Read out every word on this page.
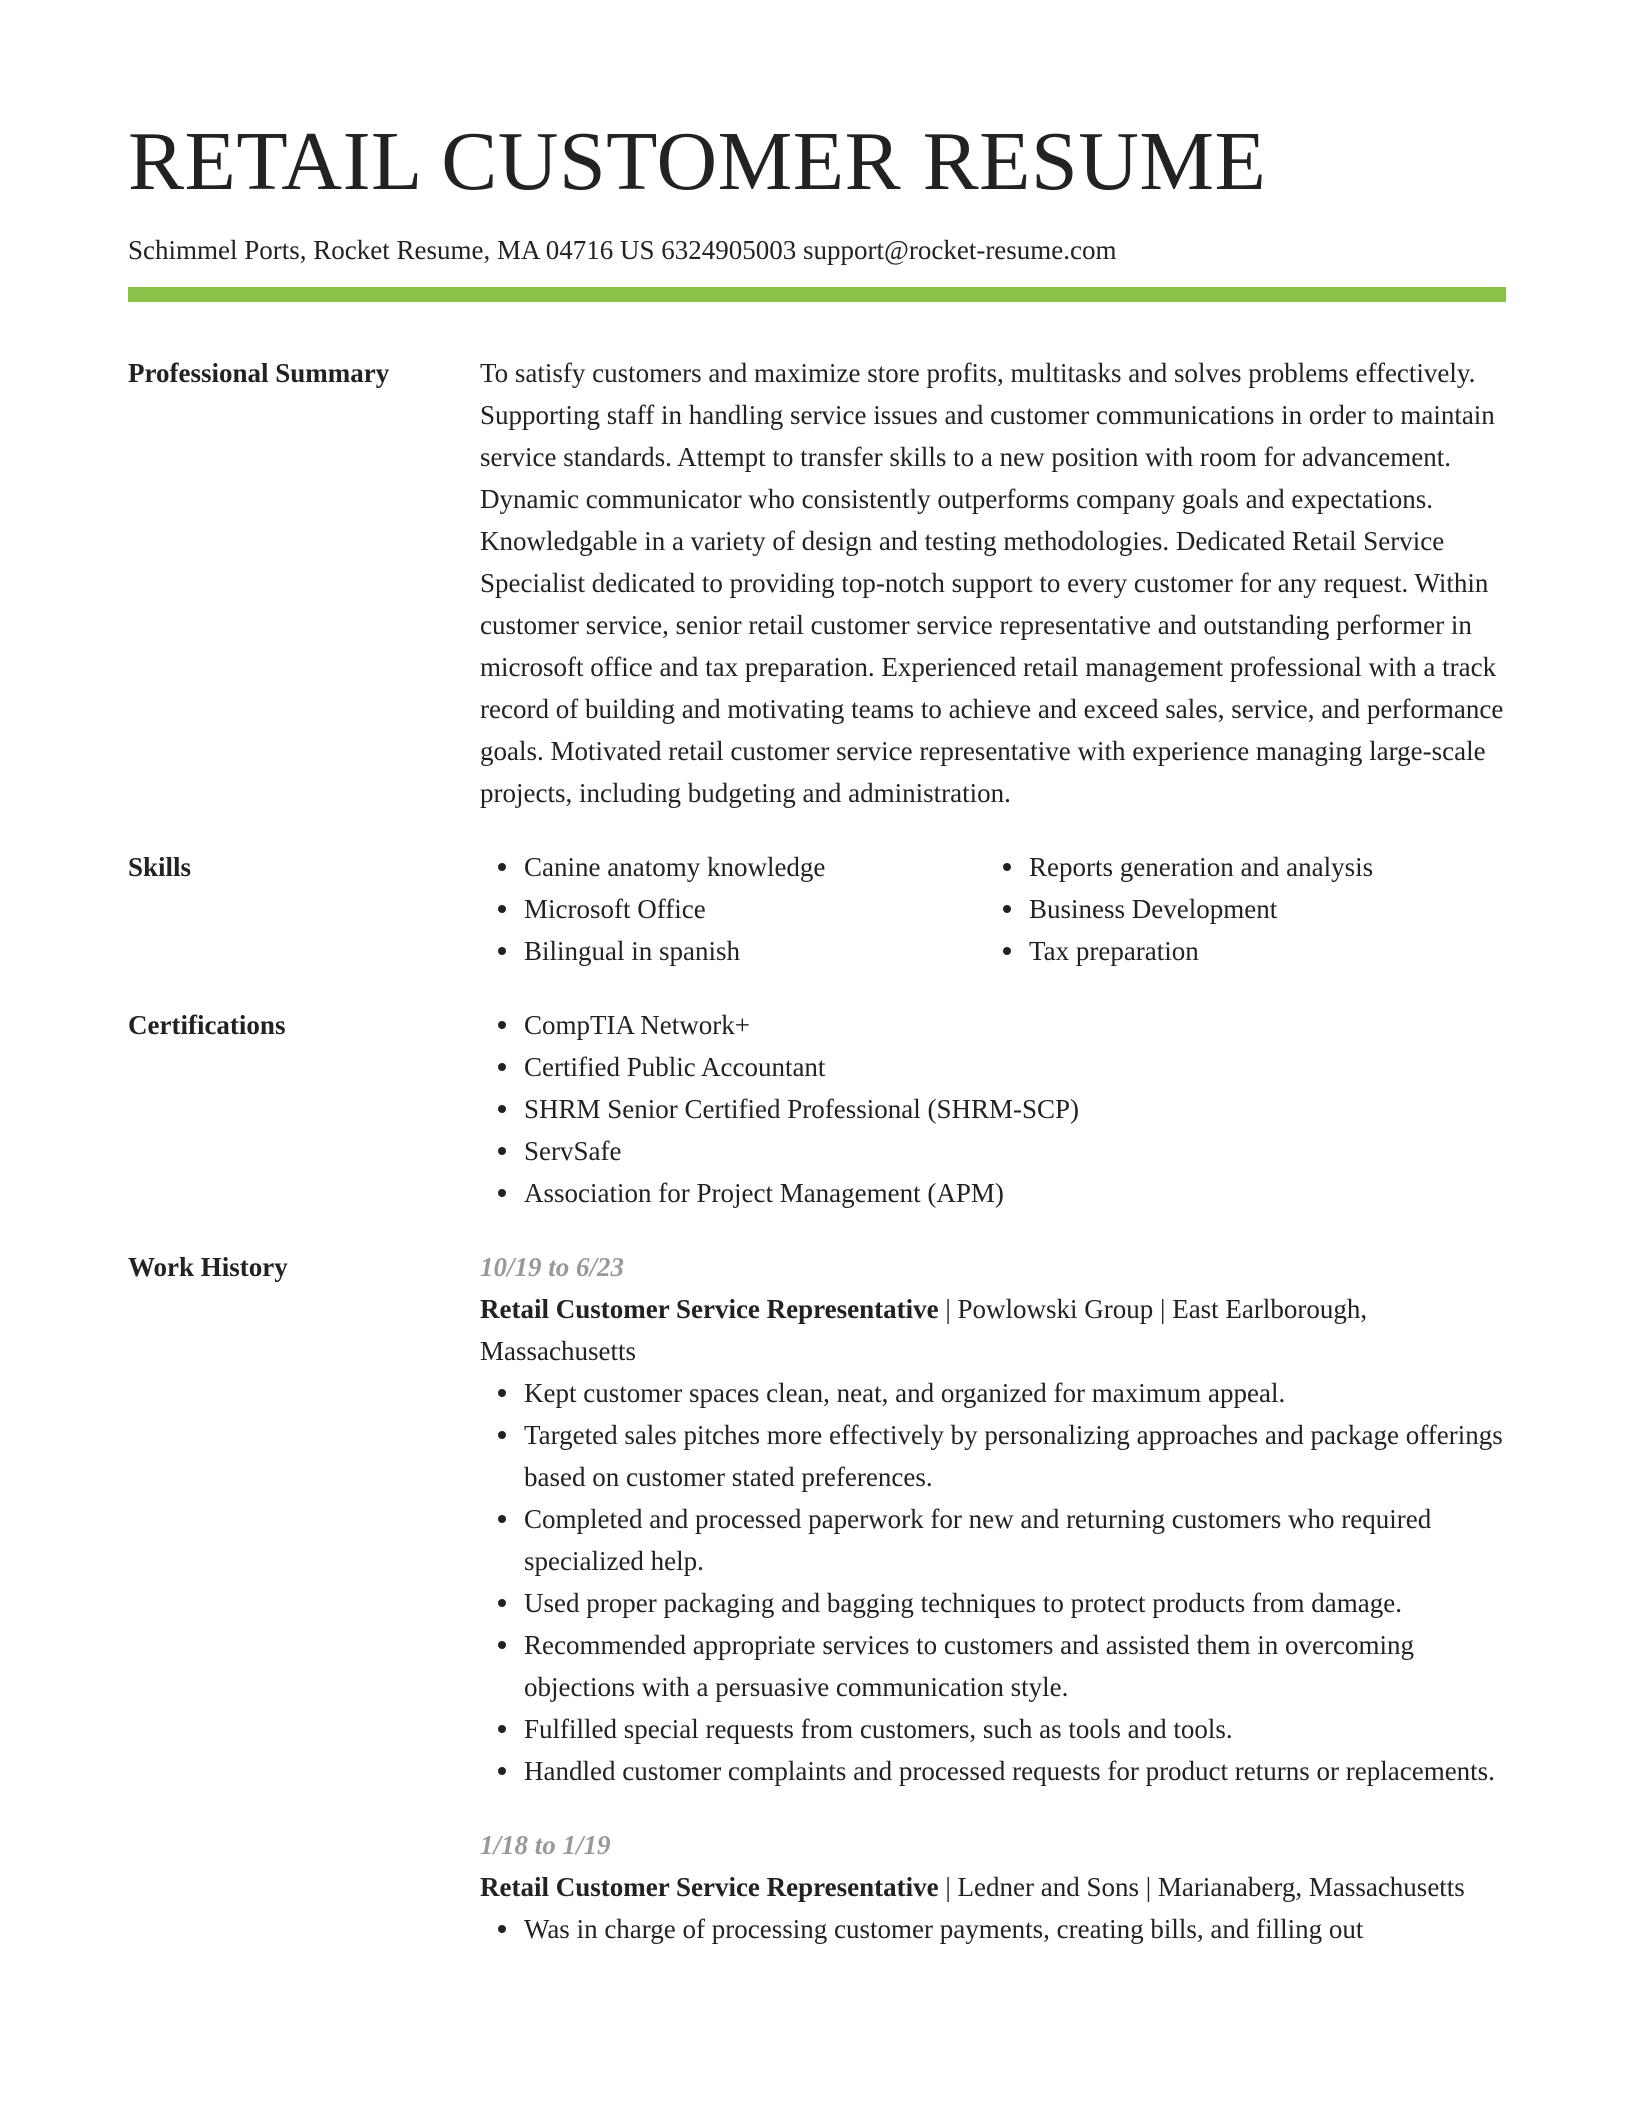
RETAIL CUSTOMER RESUME
Schimmel Ports, Rocket Resume, MA 04716 US 6324905003 support@rocket-resume.com
Professional Summary	To satisfy customers and maximize store profits, multitasks and solves problems effectively. Supporting staff in handling service issues and customer communications in order to maintain service standards. Attempt to transfer skills to a new position with room for advancement. Dynamic communicator who consistently outperforms company goals and expectations. Knowledgable in a variety of design and testing methodologies. Dedicated Retail Service Specialist dedicated to providing top-notch support to every customer for any request. Within customer service, senior retail customer service representative and outstanding performer in microsoft office and tax preparation. Experienced retail management professional with a track record of building and motivating teams to achieve and exceed sales, service, and performance goals. Motivated retail customer service representative with experience managing large-scale projects, including budgeting and administration.

Skills	Canine anatomy knowledge
Microsoft Office
Bilingual in spanish
Reports generation and analysis
Business Development
Tax preparation
Certifications	CompTIA Network+
Certified Public Accountant
SHRM Senior Certified Professional (SHRM-SCP)
ServSafe
Association for Project Management (APM)
Work History	10/19 to 6/23
Retail Customer Service Representative | Powlowski Group | East Earlborough, Massachusetts
Kept customer spaces clean, neat, and organized for maximum appeal.
Targeted sales pitches more effectively by personalizing approaches and package offerings based on customer stated preferences.
Completed and processed paperwork for new and returning customers who required specialized help.
Used proper packaging and bagging techniques to protect products from damage.
Recommended appropriate services to customers and assisted them in overcoming objections with a persuasive communication style.
Fulfilled special requests from customers, such as tools and tools.
Handled customer complaints and processed requests for product returns or replacements.
1/18 to 1/19
Retail Customer Service Representative | Ledner and Sons | Marianaberg, Massachusetts
Was in charge of processing customer payments, creating bills, and filling out
